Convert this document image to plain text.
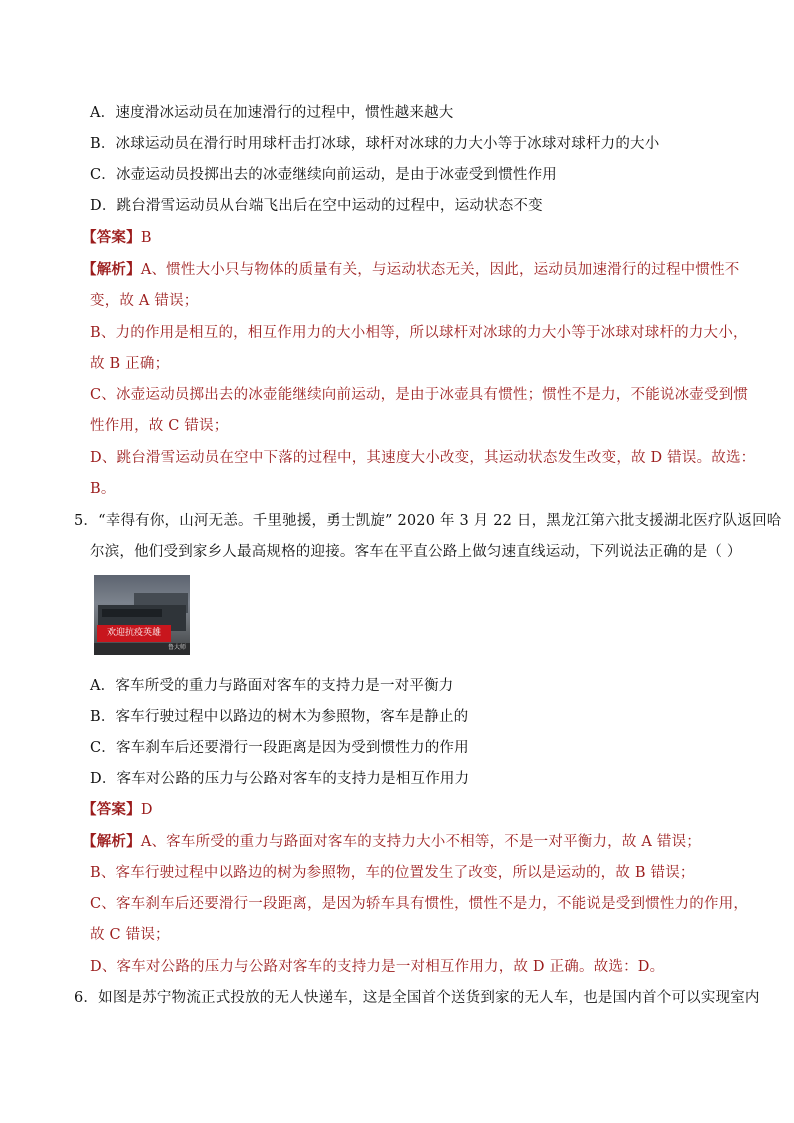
A．速度滑冰运动员在加速滑行的过程中，惯性越来越大
B．冰球运动员在滑行时用球杆击打冰球，球杆对冰球的力大小等于冰球对球杆力的大小
C．冰壶运动员投掷出去的冰壶继续向前运动，是由于冰壶受到惯性作用
D．跳台滑雪运动员从台端飞出后在空中运动的过程中，运动状态不变
【答案】B
【解析】A、惯性大小只与物体的质量有关，与运动状态无关，因此，运动员加速滑行的过程中惯性不
变，故 A 错误；
B、力的作用是相互的，相互作用力的大小相等，所以球杆对冰球的力大小等于冰球对球杆的力大小，
故 B 正确；
C、冰壶运动员掷出去的冰壶能继续向前运动，是由于冰壶具有惯性；惯性不是力，不能说冰壶受到惯
性作用，故 C 错误；
D、跳台滑雪运动员在空中下落的过程中，其速度大小改变，其运动状态发生改变，故 D 错误。故选：
B。
5．“幸得有你，山河无恙。千里驰援，勇士凯旋” 2020 年 3 月 22 日，黑龙江第六批支援湖北医疗队返回哈
尔滨，他们受到家乡人最高规格的迎接。客车在平直公路上做匀速直线运动，下列说法正确的是（ ）
欢迎抗疫英雄
鲁大师
A．客车所受的重力与路面对客车的支持力是一对平衡力
B．客车行驶过程中以路边的树木为参照物，客车是静止的
C．客车刹车后还要滑行一段距离是因为受到惯性力的作用
D．客车对公路的压力与公路对客车的支持力是相互作用力
【答案】D
【解析】A、客车所受的重力与路面对客车的支持力大小不相等，不是一对平衡力，故 A 错误；
B、客车行驶过程中以路边的树为参照物，车的位置发生了改变，所以是运动的，故 B 错误；
C、客车刹车后还要滑行一段距离，是因为轿车具有惯性，惯性不是力，不能说是受到惯性力的作用，
故 C 错误；
D、客车对公路的压力与公路对客车的支持力是一对相互作用力，故 D 正确。故选：D。
6．如图是苏宁物流正式投放的无人快递车，这是全国首个送货到家的无人车，也是国内首个可以实现室内
